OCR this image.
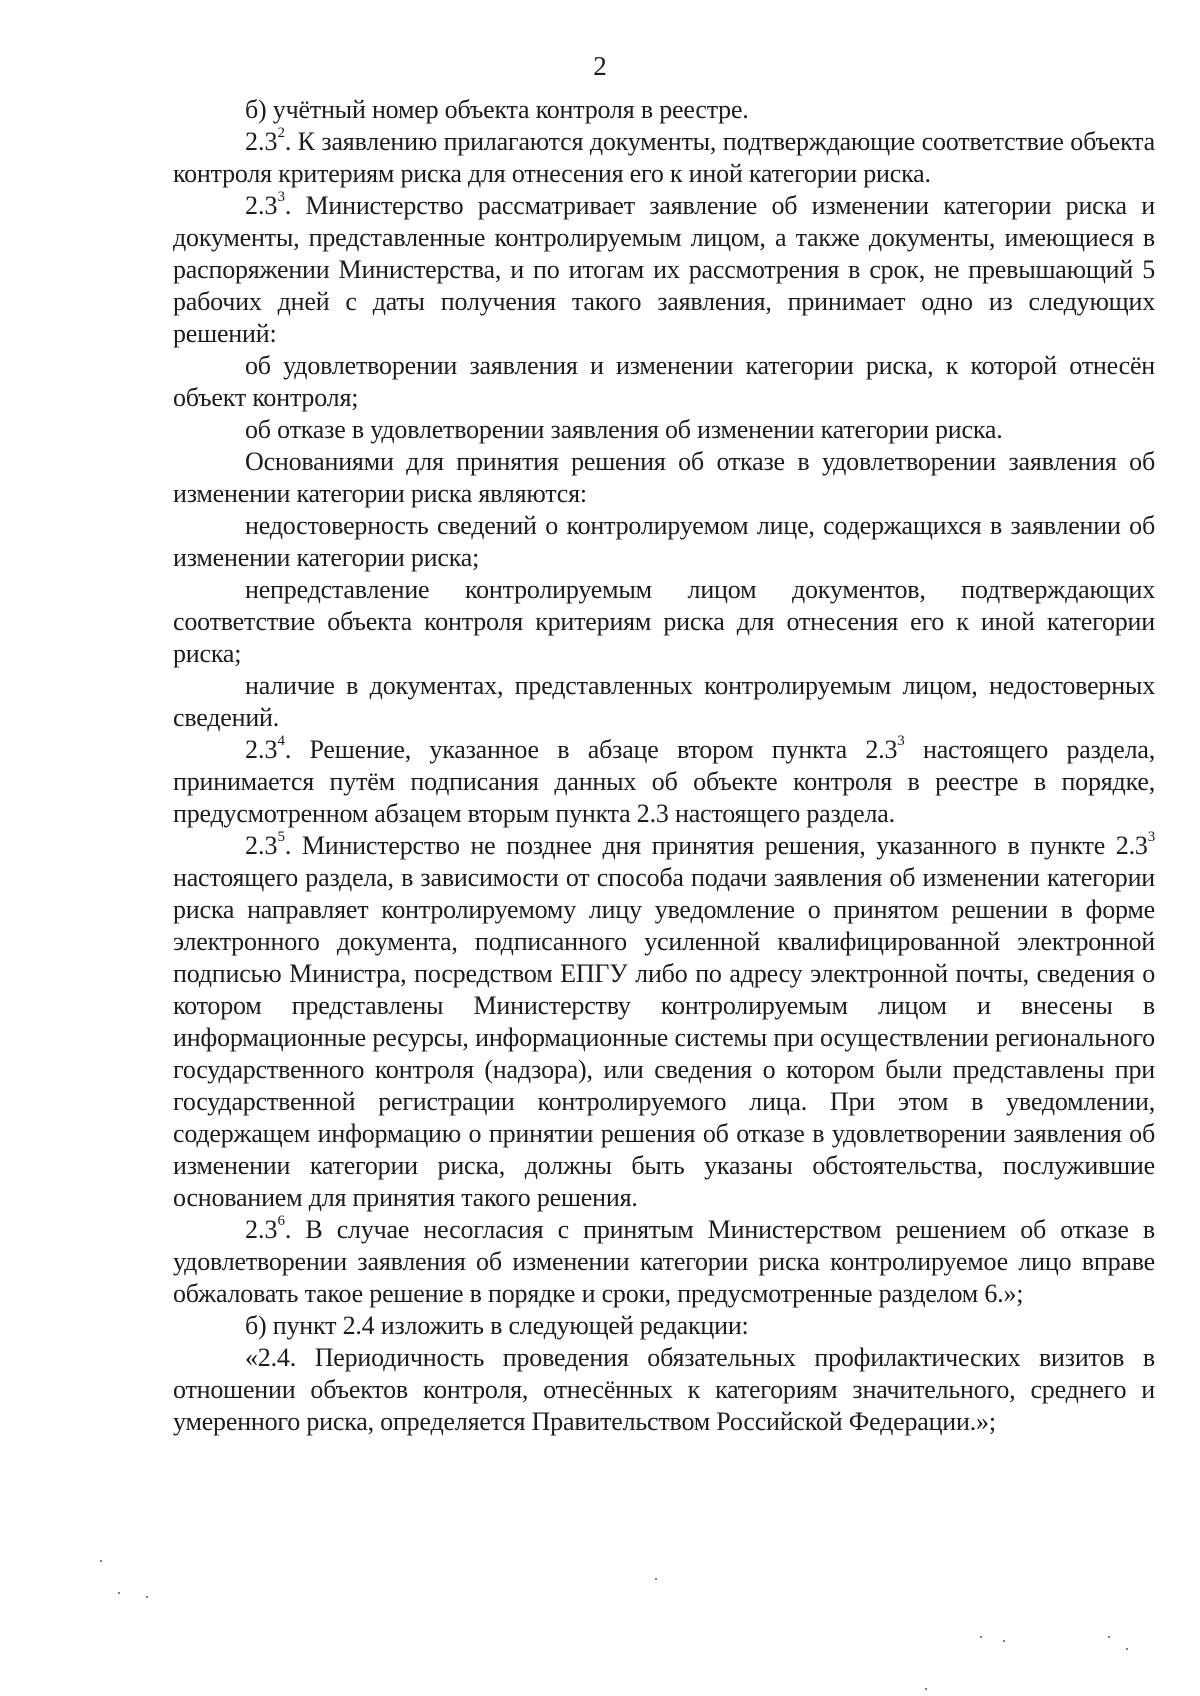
2

б) учётный номер объекта контроля в реестре.

$2.3^2$. К заявлению прилагаются документы, подтверждающие соответствие объекта контроля критериям риска для отнесения его к иной категории риска.

$2.3^3$. Министерство рассматривает заявление об изменении категории риска и документы, представленные контролируемым лицом, а также документы, имеющиеся в распоряжении Министерства, и по итогам их рассмотрения в срок, не превышающий 5 рабочих дней с даты получения такого заявления, принимает одно из следующих решений:

об удовлетворении заявления и изменении категории риска, к которой отнесён объект контроля;

об отказе в удовлетворении заявления об изменении категории риска.

Основаниями для принятия решения об отказе в удовлетворении заявления об изменении категории риска являются:

недостоверность сведений о контролируемом лице, содержащихся в заявлении об изменении категории риска;

непредставление контролируемым лицом документов, подтверждающих соответствие объекта контроля критериям риска для отнесения его к иной категории риска;

наличие в документах, представленных контролируемым лицом, недостоверных сведений.

$2.3^4$. Решение, указанное в абзаце втором пункта $2.3^3$ настоящего раздела, принимается путём подписания данных об объекте контроля в реестре в порядке, предусмотренном абзацем вторым пункта 2.3 настоящего раздела.

$2.3^5$. Министерство не позднее дня принятия решения, указанного в пункте $2.3^3$ настоящего раздела, в зависимости от способа подачи заявления об изменении категории риска направляет контролируемому лицу уведомление о принятом решении в форме электронного документа, подписанного усиленной квалифицированной электронной подписью Министра, посредством ЕПГУ либо по адресу электронной почты, сведения о котором представлены Министерству контролируемым лицом и внесены в информационные ресурсы, информационные системы при осуществлении регионального государственного контроля (надзора), или сведения о котором были представлены при государственной регистрации контролируемого лица. При этом в уведомлении, содержащем информацию о принятии решения об отказе в удовлетворении заявления об изменении категории риска, должны быть указаны обстоятельства, послужившие основанием для принятия такого решения.

$2.3^6$. В случае несогласия с принятым Министерством решением об отказе в удовлетворении заявления об изменении категории риска контролируемое лицо вправе обжаловать такое решение в порядке и сроки, предусмотренные разделом 6.»;

б) пункт 2.4 изложить в следующей редакции:

«2.4. Периодичность проведения обязательных профилактических визитов в отношении объектов контроля, отнесённых к категориям значительного, среднего и умеренного риска, определяется Правительством Российской Федерации.»;
